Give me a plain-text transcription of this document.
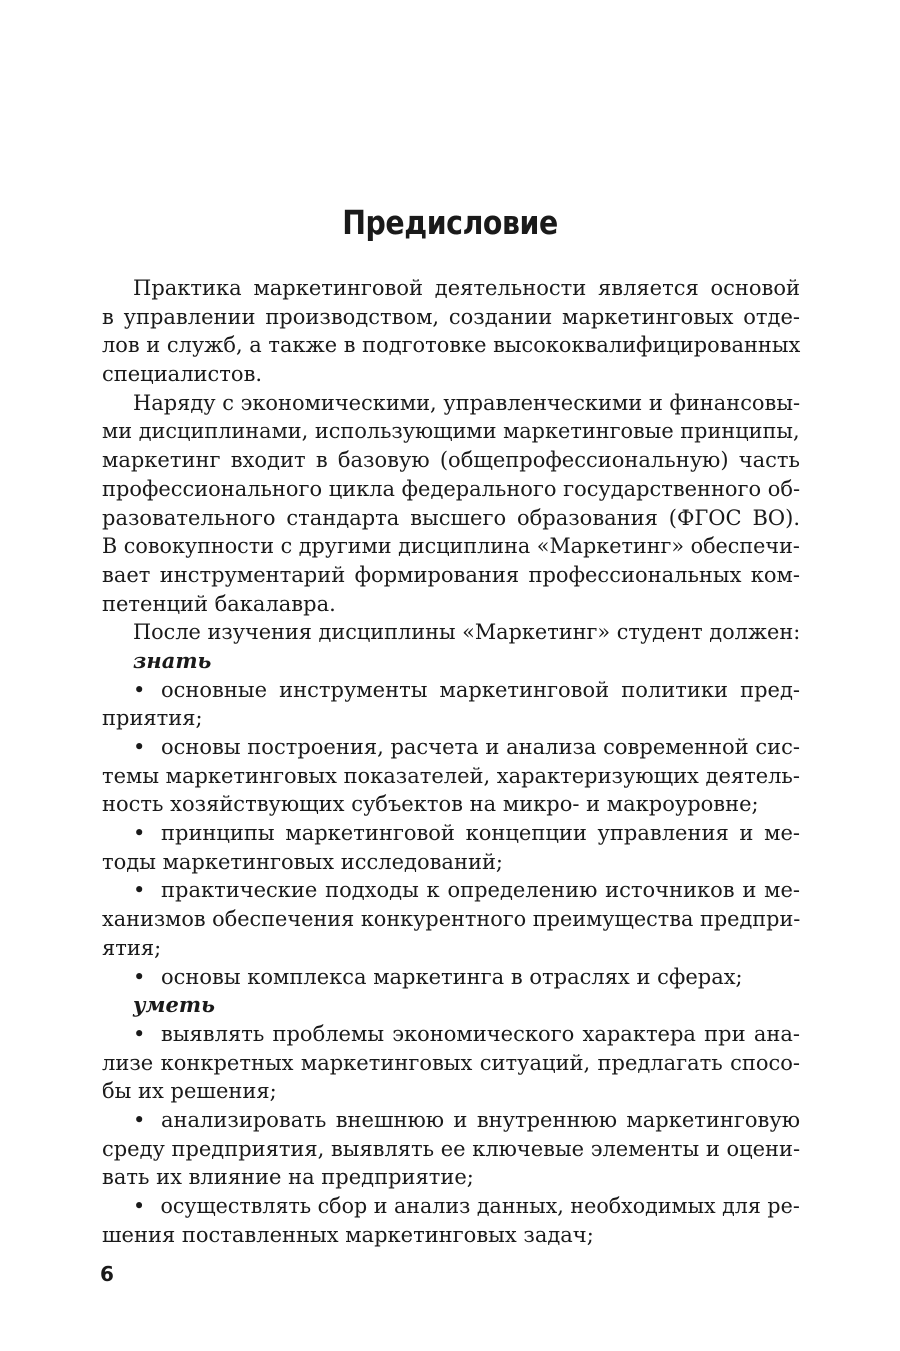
Предисловие
Практика маркетинговой деятельности является основой
в управлении производством, создании маркетинговых отде-
лов и служб, а также в подготовке высококвалифицированных
специалистов.
Наряду с экономическими, управленческими и финансовы-
ми дисциплинами, использующими маркетинговые принципы,
маркетинг входит в базовую (общепрофессиональную) часть
профессионального цикла федерального государственного об-
разовательного стандарта высшего образования (ФГОС ВО).
В совокупности с другими дисциплина «Маркетинг» обеспечи-
вает инструментарий формирования профессиональных ком-
петенций бакалавра.
После изучения дисциплины «Маркетинг» студент должен:
знать
• основные инструменты маркетинговой политики пред-
приятия;
• основы построения, расчета и анализа современной сис-
темы маркетинговых показателей, характеризующих деятель-
ность хозяйствующих субъектов на микро- и макроуровне;
• принципы маркетинговой концепции управления и ме-
тоды маркетинговых исследований;
• практические подходы к определению источников и ме-
ханизмов обеспечения конкурентного преимущества предпри-
ятия;
• основы комплекса маркетинга в отраслях и сферах;
уметь
• выявлять проблемы экономического характера при ана-
лизе конкретных маркетинговых ситуаций, предлагать спосо-
бы их решения;
• анализировать внешнюю и внутреннюю маркетинговую
среду предприятия, выявлять ее ключевые элементы и оцени-
вать их влияние на предприятие;
• осуществлять сбор и анализ данных, необходимых для ре-
шения поставленных маркетинговых задач;
6
